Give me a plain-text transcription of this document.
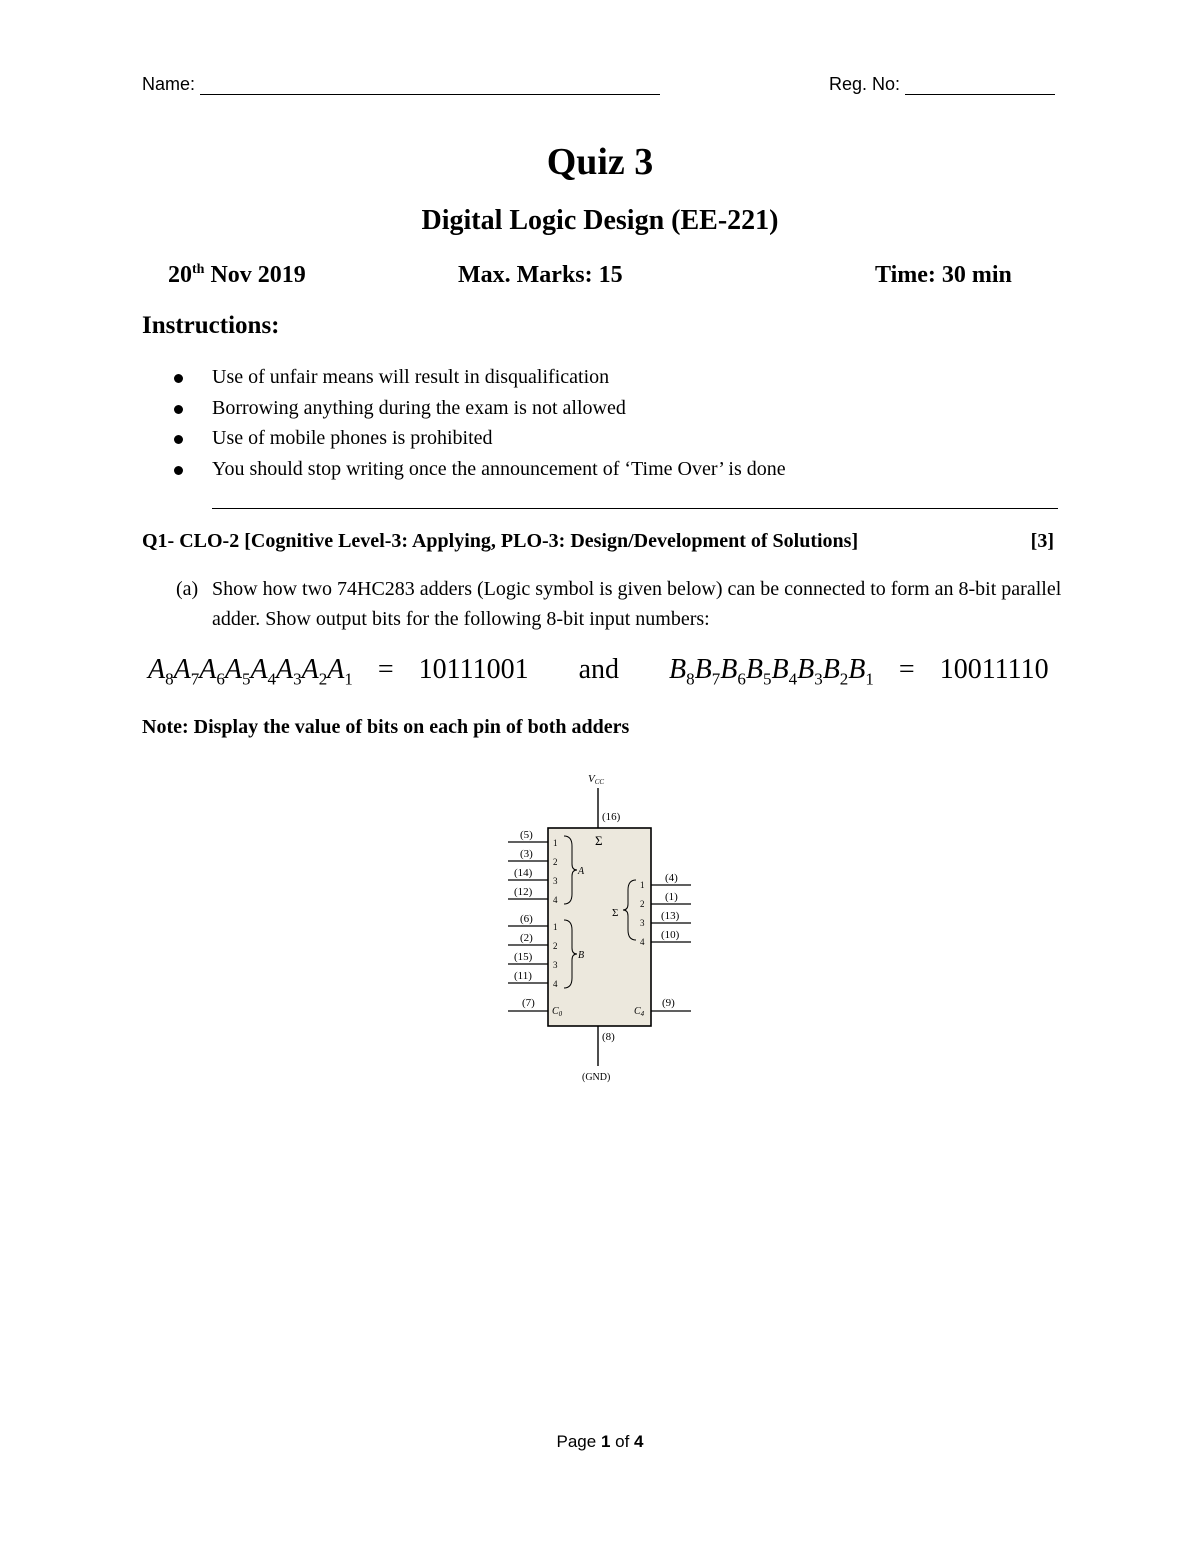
Name:	Reg. No:
Quiz 3
Digital Logic Design (EE-221)
20th Nov 2019	Max. Marks: 15	Time: 30 min
Instructions:
Use of unfair means will result in disqualification
Borrowing anything during the exam is not allowed
Use of mobile phones is prohibited
You should stop writing once the announcement of ‘Time Over’ is done
Q1- CLO-2 [Cognitive Level-3: Applying, PLO-3: Design/Development of Solutions]	[3]
(a) Show how two 74HC283 adders (Logic symbol is given below) can be connected to form an 8-bit parallel adder. Show output bits for the following 8-bit input numbers:
$A_8A_7A_6A_5A_4A_3A_2A_1 = 10111001$ and $B_8B_7B_6B_5B_4B_3B_2B_1 = 10011110$
Note: Display the value of bits on each pin of both adders
VCC
(16)
Σ
(5)
(3)
(14)
(12)
1
2
3
4
A
(6)
(2)
(15)
(11)
1
2
3
4
B
(7)
$C_0$
Σ
1
2
3
4
(4)
(1)
(13)
(10)
(9)
$C_4$
(8)
(GND)
Page 1 of 4
